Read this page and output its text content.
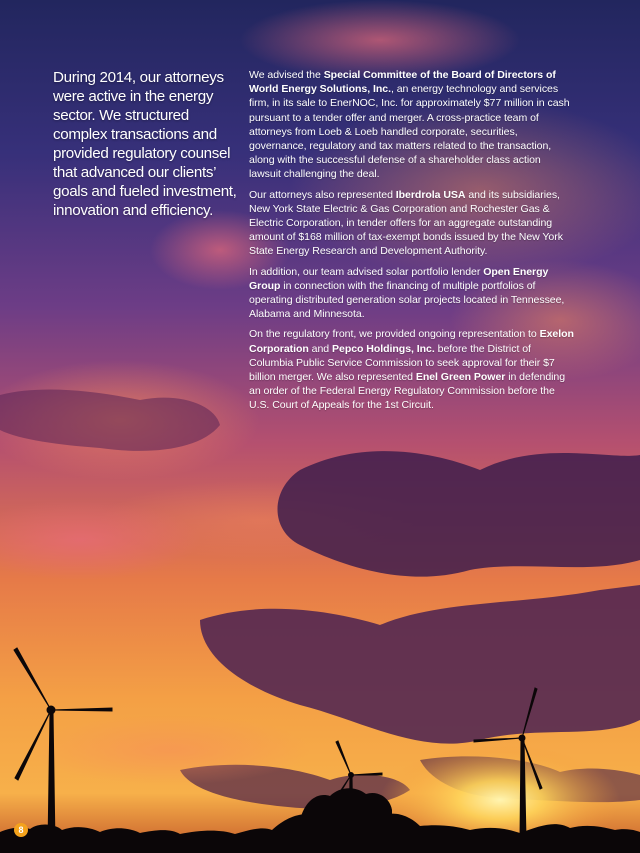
During 2014, our attorneys were active in the energy sector. We structured complex transactions and provided regulatory counsel that advanced our clients’ goals and fueled investment, innovation and efficiency.

We advised the Special Committee of the Board of Directors of World Energy Solutions, Inc., an energy technology and services firm, in its sale to EnerNOC, Inc. for approximately $77 million in cash pursuant to a tender offer and merger. A cross-practice team of attorneys from Loeb & Loeb handled corporate, securities, governance, regulatory and tax matters related to the transaction, along with the successful defense of a shareholder class action lawsuit challenging the deal.

Our attorneys also represented Iberdrola USA and its subsidiaries, New York State Electric & Gas Corporation and Rochester Gas & Electric Corporation, in tender offers for an aggregate outstanding amount of $168 million of tax-exempt bonds issued by the New York State Energy Research and Development Authority.

In addition, our team advised solar portfolio lender Open Energy Group in connection with the financing of multiple portfolios of operating distributed generation solar projects located in Tennessee, Alabama and Minnesota.

On the regulatory front, we provided ongoing representation to Exelon Corporation and Pepco Holdings, Inc. before the District of Columbia Public Service Commission to seek approval for their $7 billion merger. We also represented Enel Green Power in defending an order of the Federal Energy Regulatory Commission before the U.S. Court of Appeals for the 1st Circuit.

8
